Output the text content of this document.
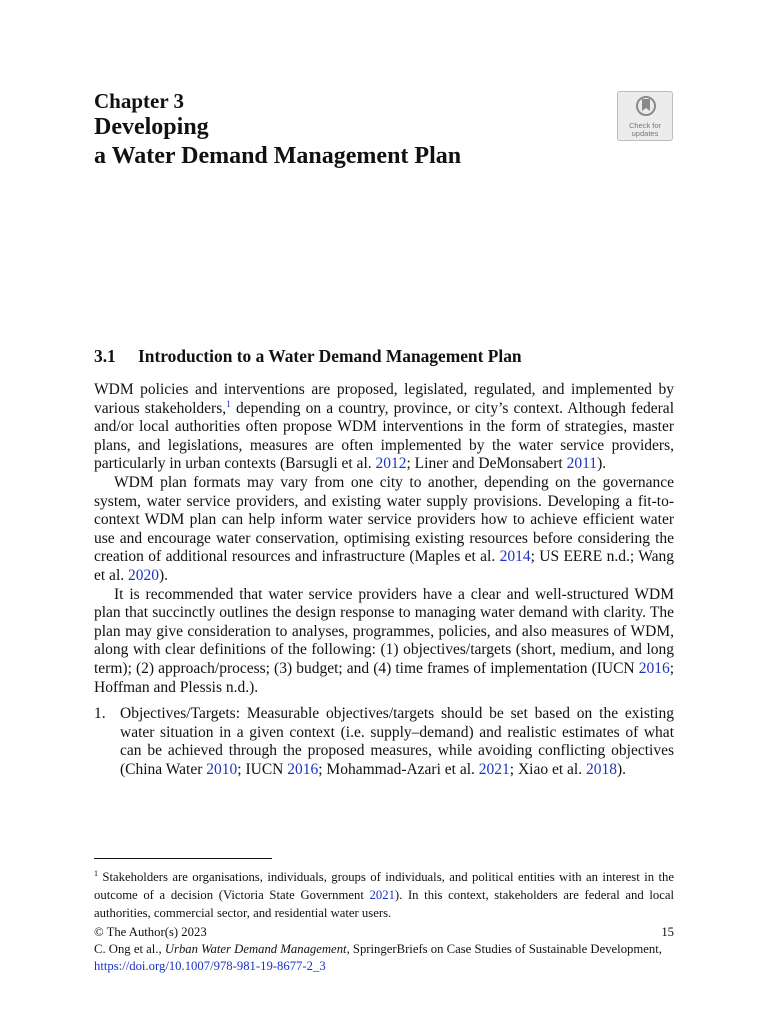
Chapter 3
Developing
a Water Demand Management Plan
Check for
updates
3.1 Introduction to a Water Demand Management Plan

WDM policies and interventions are proposed, legislated, regulated, and implemented by various stakeholders,$^1$ depending on a country, province, or city’s context. Although federal and/or local authorities often propose WDM interventions in the form of strategies, master plans, and legislations, measures are often implemented by the water service providers, particularly in urban contexts (Barsugli et al. 2012; Liner and DeMonsabert 2011).

WDM plan formats may vary from one city to another, depending on the governance system, water service providers, and existing water supply provisions. Developing a fit-to-context WDM plan can help inform water service providers how to achieve efficient water use and encourage water conservation, optimising existing resources before considering the creation of additional resources and infrastructure (Maples et al. 2014; US EERE n.d.; Wang et al. 2020).

It is recommended that water service providers have a clear and well-structured WDM plan that succinctly outlines the design response to managing water demand with clarity. The plan may give consideration to analyses, programmes, policies, and also measures of WDM, along with clear definitions of the following: (1) objectives/targets (short, medium, and long term); (2) approach/process; (3) budget; and (4) time frames of implementation (IUCN 2016; Hoffman and Plessis n.d.).

1. Objectives/Targets: Measurable objectives/targets should be set based on the existing water situation in a given context (i.e. supply–demand) and realistic estimates of what can be achieved through the proposed measures, while avoiding conflicting objectives (China Water 2010; IUCN 2016; Mohammad-Azari et al. 2021; Xiao et al. 2018).
$^1$ Stakeholders are organisations, individuals, groups of individuals, and political entities with an interest in the outcome of a decision (Victoria State Government 2021). In this context, stakeholders are federal and local authorities, commercial sector, and residential water users.
© The Author(s) 2023	15
C. Ong et al., Urban Water Demand Management, SpringerBriefs on Case Studies of Sustainable Development, https://doi.org/10.1007/978-981-19-8677-2_3
